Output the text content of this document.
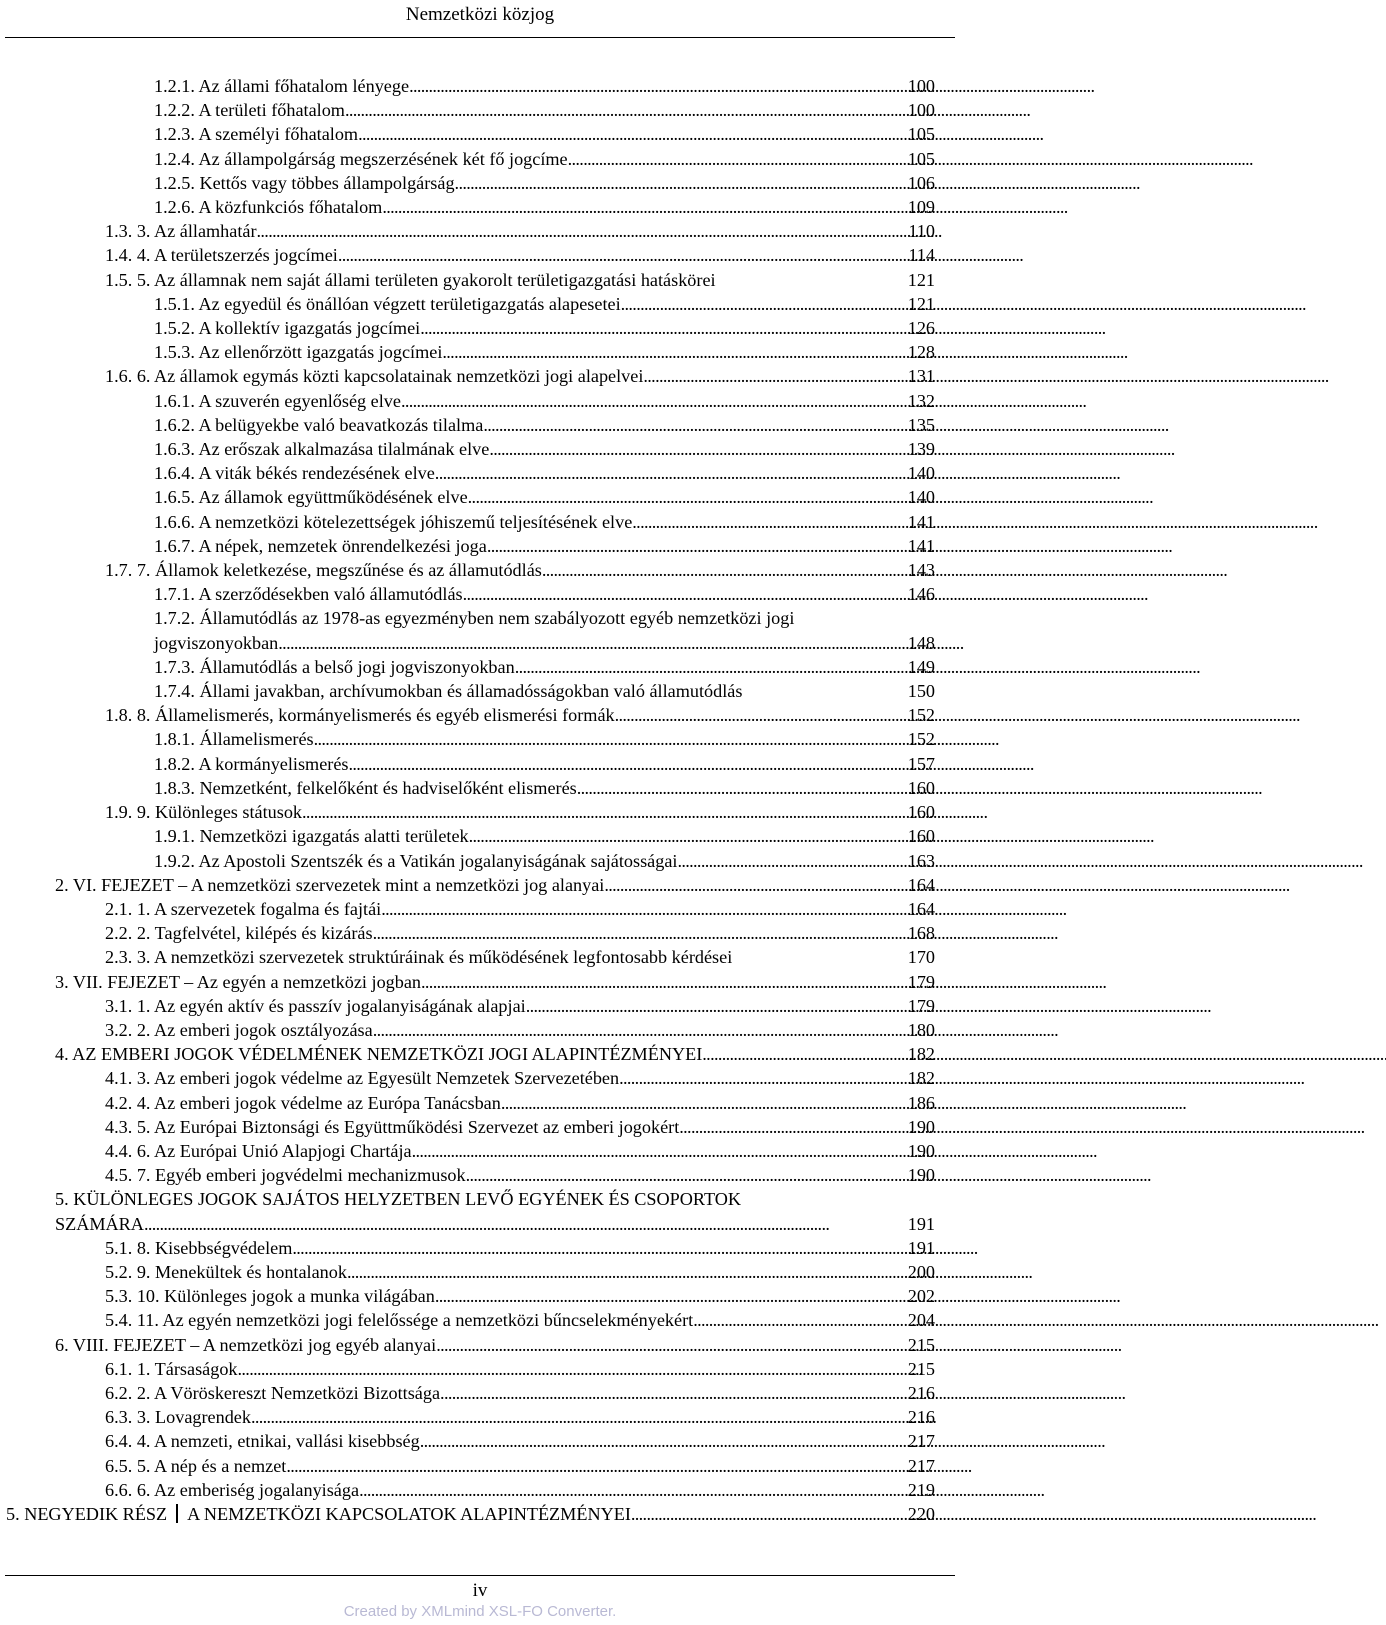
Nemzetközi közjog
1.2.1. Az állami főhatalom lényege . . .	100
1.2.2. A területi főhatalom . . .	100
1.2.3. A személyi főhatalom . . .	105
1.2.4. Az állampolgárság megszerzésének két fő jogcíme . . .	105
1.2.5. Kettős vagy többes állampolgárság . . .	106
1.2.6. A közfunkciós főhatalom . . .	109
1.3. 3. Az államhatár . . .	110
1.4. 4. A területszerzés jogcímei . . .	114
1.5. 5. Az államnak nem saját állami területen gyakorolt területigazgatási hatáskörei	121
1.5.1. Az egyedül és önállóan végzett területigazgatás alapesetei . . .	121
1.5.2. A kollektív igazgatás jogcímei . . .	126
1.5.3. Az ellenőrzött igazgatás jogcímei . . .	128
1.6. 6. Az államok egymás közti kapcsolatainak nemzetközi jogi alapelvei . . .	131
1.6.1. A szuverén egyenlőség elve . . .	132
1.6.2. A belügyekbe való beavatkozás tilalma . . .	135
1.6.3. Az erőszak alkalmazása tilalmának elve . . .	139
1.6.4. A viták békés rendezésének elve . . .	140
1.6.5. Az államok együttműködésének elve . . .	140
1.6.6. A nemzetközi kötelezettségek jóhiszemű teljesítésének elve . . .	141
1.6.7. A népek, nemzetek önrendelkezési joga . . .	141
1.7. 7. Államok keletkezése, megszűnése és az államutódlás . . .	143
1.7.1. A szerződésekben való államutódlás . . .	146
1.7.2. Államutódlás az 1978-as egyezményben nem szabályozott egyéb nemzetközi jogi
jogviszonyokban . . .	148
1.7.3. Államutódlás a belső jogi jogviszonyokban . . .	149
1.7.4. Állami javakban, archívumokban és államadósságokban való államutódlás	150
1.8. 8. Államelismerés, kormányelismerés és egyéb elismerési formák . . .	152
1.8.1. Államelismerés . . .	152
1.8.2. A kormányelismerés . . .	157
1.8.3. Nemzetként, felkelőként és hadviselőként elismerés . . .	160
1.9. 9. Különleges státusok . . .	160
1.9.1. Nemzetközi igazgatás alatti területek . . .	160
1.9.2. Az Apostoli Szentszék és a Vatikán jogalanyiságának sajátosságai . . .	163
2. VI. FEJEZET – A nemzetközi szervezetek mint a nemzetközi jog alanyai . . .	164
2.1. 1. A szervezetek fogalma és fajtái . . .	164
2.2. 2. Tagfelvétel, kilépés és kizárás . . .	168
2.3. 3. A nemzetközi szervezetek struktúráinak és működésének legfontosabb kérdései	170
3. VII. FEJEZET – Az egyén a nemzetközi jogban . . .	179
3.1. 1. Az egyén aktív és passzív jogalanyiságának alapjai . . .	179
3.2. 2. Az emberi jogok osztályozása . . .	180
4. AZ EMBERI JOGOK VÉDELMÉNEK NEMZETKÖZI JOGI ALAPINTÉZMÉNYEI . . .	182
4.1. 3. Az emberi jogok védelme az Egyesült Nemzetek Szervezetében . . .	182
4.2. 4. Az emberi jogok védelme az Európa Tanácsban . . .	186
4.3. 5. Az Európai Biztonsági és Együttműködési Szervezet az emberi jogokért . . .	190
4.4. 6. Az Európai Unió Alapjogi Chartája . . .	190
4.5. 7. Egyéb emberi jogvédelmi mechanizmusok . . .	190
5. KÜLÖNLEGES JOGOK SAJÁTOS HELYZETBEN LEVŐ EGYÉNEK ÉS CSOPORTOK
SZÁMÁRA . . .	191
5.1. 8. Kisebbségvédelem . . .	191
5.2. 9. Menekültek és hontalanok . . .	200
5.3. 10. Különleges jogok a munka világában . . .	202
5.4. 11. Az egyén nemzetközi jogi felelőssége a nemzetközi bűncselekményekért . . .	204
6. VIII. FEJEZET – A nemzetközi jog egyéb alanyai . . .	215
6.1. 1. Társaságok . . .	215
6.2. 2. A Vöröskereszt Nemzetközi Bizottsága . . .	216
6.3. 3. Lovagrendek . . .	216
6.4. 4. A nemzeti, etnikai, vallási kisebbség . . .	217
6.5. 5. A nép és a nemzet . . .	217
6.6. 6. Az emberiség jogalanyisága . . .	219
5. NEGYEDIK RÉSZ A NEMZETKÖZI KAPCSOLATOK ALAPINTÉZMÉNYEI . . .	220
iv
Created by XMLmind XSL-FO Converter.
